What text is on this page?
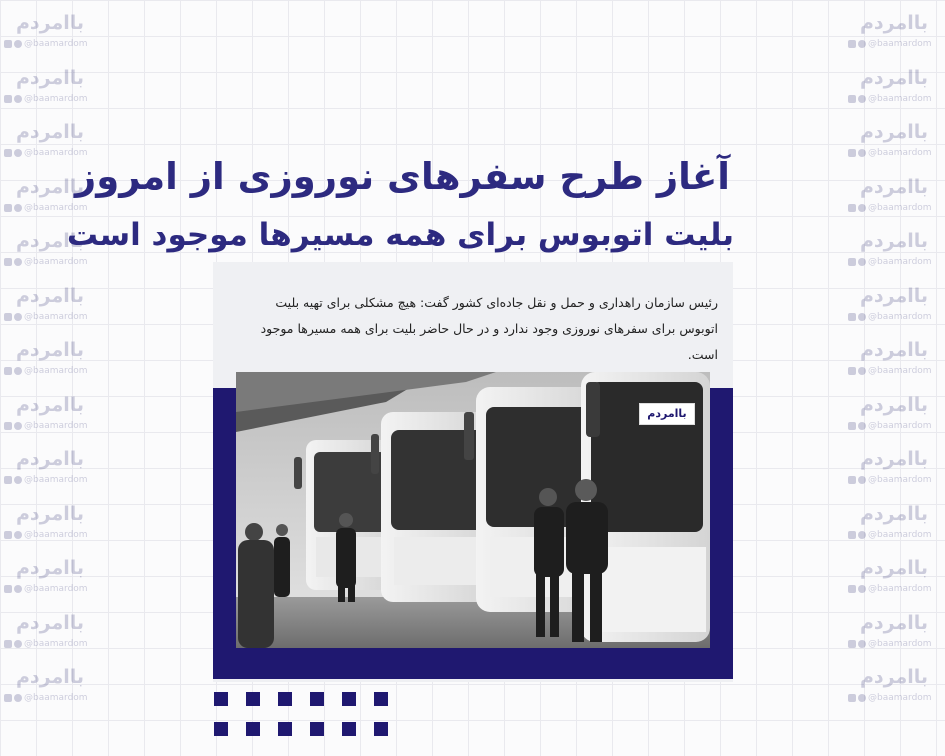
باامردم
@baamardom
باامردم
@baamardom
باامردم
@baamardom
باامردم
@baamardom
باامردم
@baamardom
باامردم
@baamardom
باامردم
@baamardom
باامردم
@baamardom
باامردم
@baamardom
باامردم
@baamardom
باامردم
@baamardom
باامردم
@baamardom
باامردم
@baamardom
باامردم
@baamardom
باامردم
@baamardom
باامردم
@baamardom
باامردم
@baamardom
باامردم
@baamardom
باامردم
@baamardom
باامردم
@baamardom
باامردم
@baamardom
باامردم
@baamardom
باامردم
@baamardom
باامردم
@baamardom
باامردم
@baamardom
باامردم
@baamardom
آغاز طرح سفرهای نوروزی از امروز
بلیت اتوبوس برای همه مسیرها موجود است
رئیس سازمان راهداری و حمل و نقل جاده‌ای کشور گفت: هیچ مشکلی برای تهیه بلیت
اتوبوس برای سفرهای نوروزی وجود ندارد و در حال حاضر بلیت برای همه مسیرها موجود است.
باامردم
